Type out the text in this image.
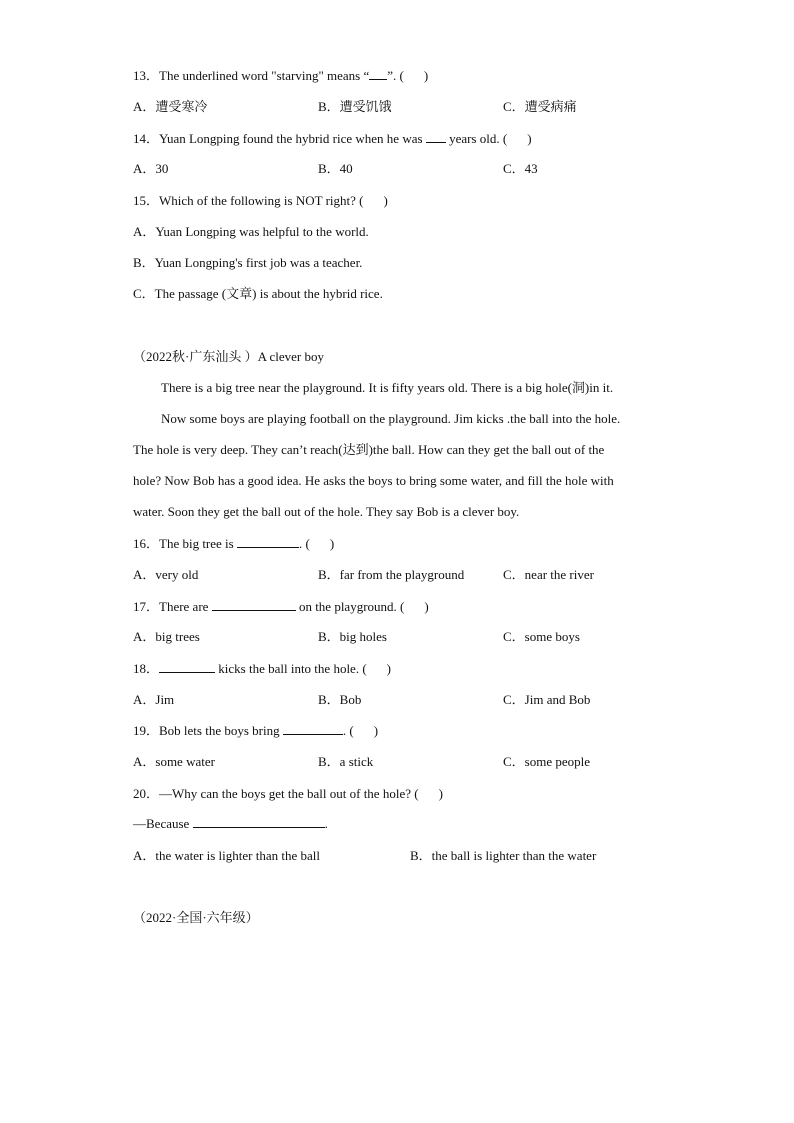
13．The underlined word "starving" means “ ”. ( )
A．遭受寒冷	B．遭受饥饿	C．遭受病痛
14．Yuan Longping found the hybrid rice when he was years old. ( )
A．30	B．40	C．43
15．Which of the following is NOT right? ( )
A．Yuan Longping was helpful to the world.
B．Yuan Longping's first job was a teacher.
C．The passage (文章) is about the hybrid rice.
（2022秋·广东汕头 ）A clever boy
There is a big tree near the playground. It is fifty years old. There is a big hole(洞)in it.
Now some boys are playing football on the playground. Jim kicks .the ball into the hole.
The hole is very deep. They can’t reach(达到)the ball. How can they get the ball out of the
hole? Now Bob has a good idea. He asks the boys to bring some water, and fill the hole with
water. Soon they get the ball out of the hole. They say Bob is a clever boy.
16．The big tree is	. ( )
A．very old	B．far from the playground	C．near the river
17．There are	on the playground. ( )
A．big trees	B．big holes	C．some boys
18．	kicks the ball into the hole. ( )
A．Jim	B．Bob	C．Jim and Bob
19．Bob lets the boys bring	. ( )
A．some water	B．a stick	C．some people
20．—Why can the boys get the ball out of the hole? ( )
—Because	.
A．the water is lighter than the ball	B．the ball is lighter than the water
（2022·全国·六年级）
